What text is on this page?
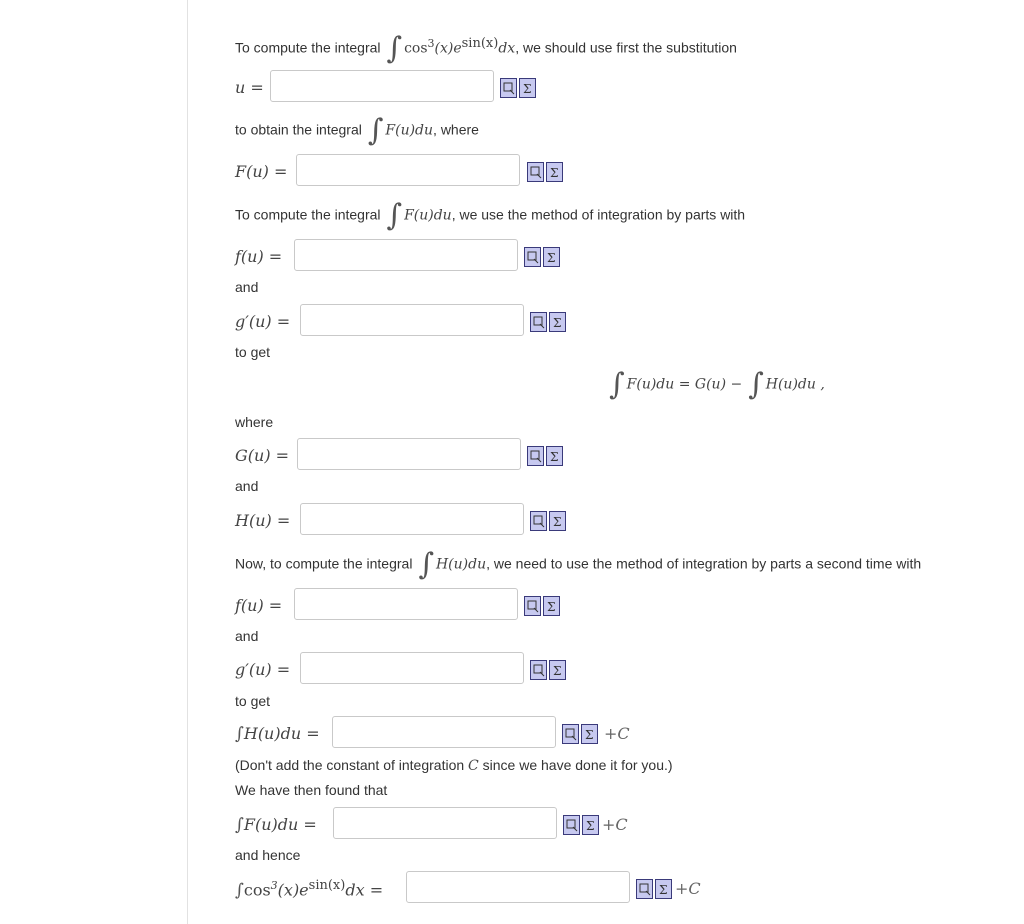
To compute the integral ∫ $\cos^3(x)e^{sin(x)}dx$, we should use first the substitution
u =	Σ
to obtain the integral ∫ F(u)du, where
F(u) =	Σ
To compute the integral ∫ F(u)du, we use the method of integration by parts with
f(u) =	Σ
and
g′(u) =	Σ
to get
∫ F(u)du = G(u) − ∫ H(u)du ,
where
G(u) =	Σ
and
H(u) =	Σ
Now, to compute the integral ∫ H(u)du, we need to use the method of integration by parts a second time with
f(u) =	Σ
and
g′(u) =	Σ
to get
∫H(u)du =	Σ +C
(Don't add the constant of integration C since we have done it for you.)
We have then found that
∫F(u)du =	Σ +C
and hence
$\int\cos^3(x)e^{sin(x)}dx$ =	Σ +C
